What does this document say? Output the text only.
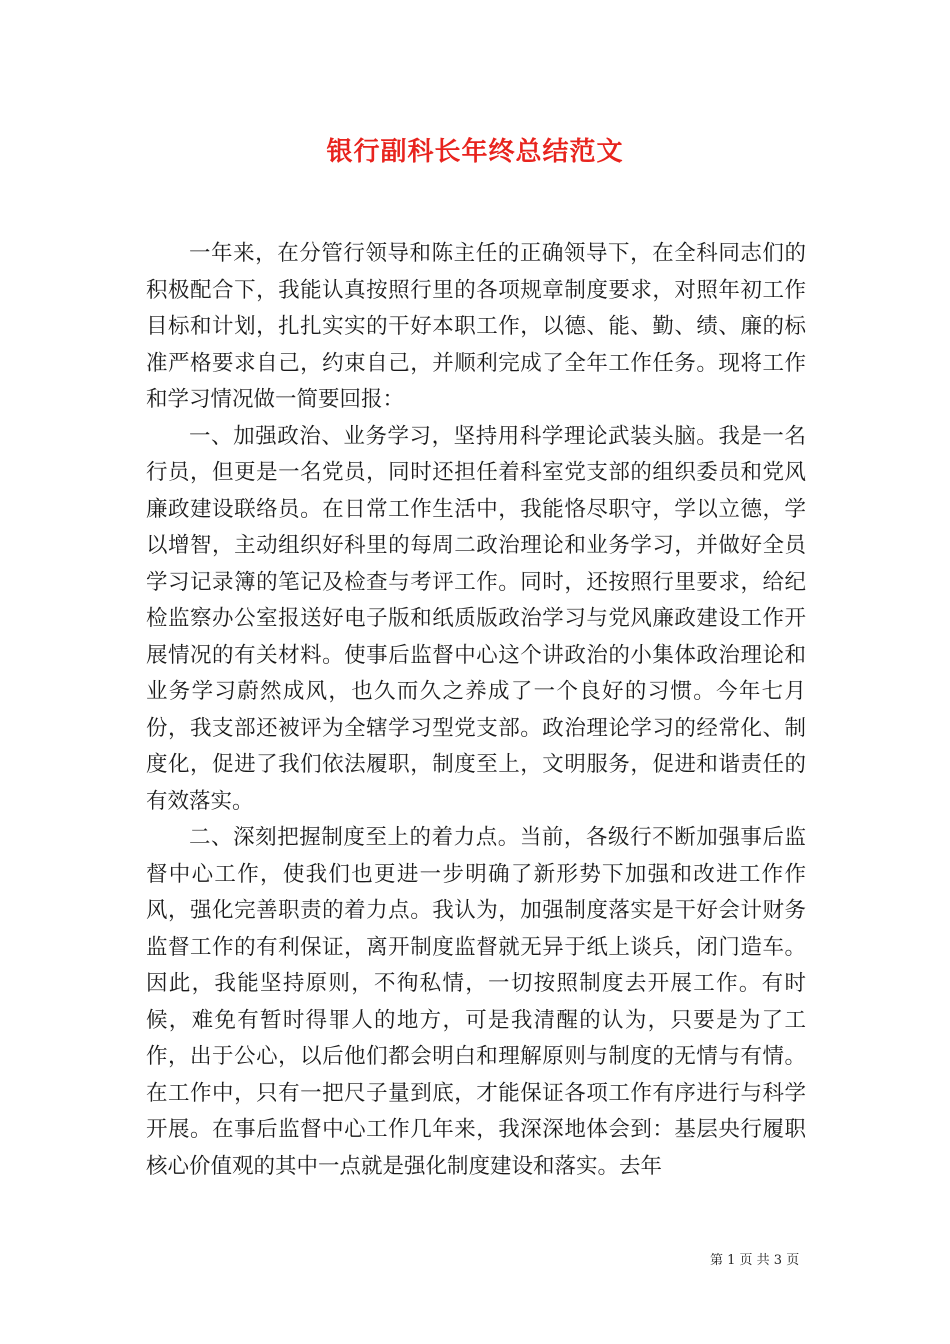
银行副科长年终总结范文

一年来，在分管行领导和陈主任的正确领导下，在全科同志们的积极配合下，我能认真按照行里的各项规章制度要求，对照年初工作目标和计划，扎扎实实的干好本职工作，以德、能、勤、绩、廉的标准严格要求自己，约束自己，并顺利完成了全年工作任务。现将工作和学习情况做一简要回报：

一、加强政治、业务学习，坚持用科学理论武装头脑。我是一名行员，但更是一名党员，同时还担任着科室党支部的组织委员和党风廉政建设联络员。在日常工作生活中，我能恪尽职守，学以立德，学以增智，主动组织好科里的每周二政治理论和业务学习，并做好全员学习记录簿的笔记及检查与考评工作。同时，还按照行里要求，给纪检监察办公室报送好电子版和纸质版政治学习与党风廉政建设工作开展情况的有关材料。使事后监督中心这个讲政治的小集体政治理论和业务学习蔚然成风，也久而久之养成了一个良好的习惯。今年七月份，我支部还被评为全辖学习型党支部。政治理论学习的经常化、制度化，促进了我们依法履职，制度至上，文明服务，促进和谐责任的有效落实。

二、深刻把握制度至上的着力点。当前，各级行不断加强事后监督中心工作，使我们也更进一步明确了新形势下加强和改进工作作风，强化完善职责的着力点。我认为，加强制度落实是干好会计财务监督工作的有利保证，离开制度监督就无异于纸上谈兵，闭门造车。因此，我能坚持原则，不徇私情，一切按照制度去开展工作。有时候，难免有暂时得罪人的地方，可是我清醒的认为，只要是为了工作，出于公心，以后他们都会明白和理解原则与制度的无情与有情。在工作中，只有一把尺子量到底，才能保证各项工作有序进行与科学开展。在事后监督中心工作几年来，我深深地体会到：基层央行履职核心价值观的其中一点就是强化制度建设和落实。去年

第 1 页 共 3 页
